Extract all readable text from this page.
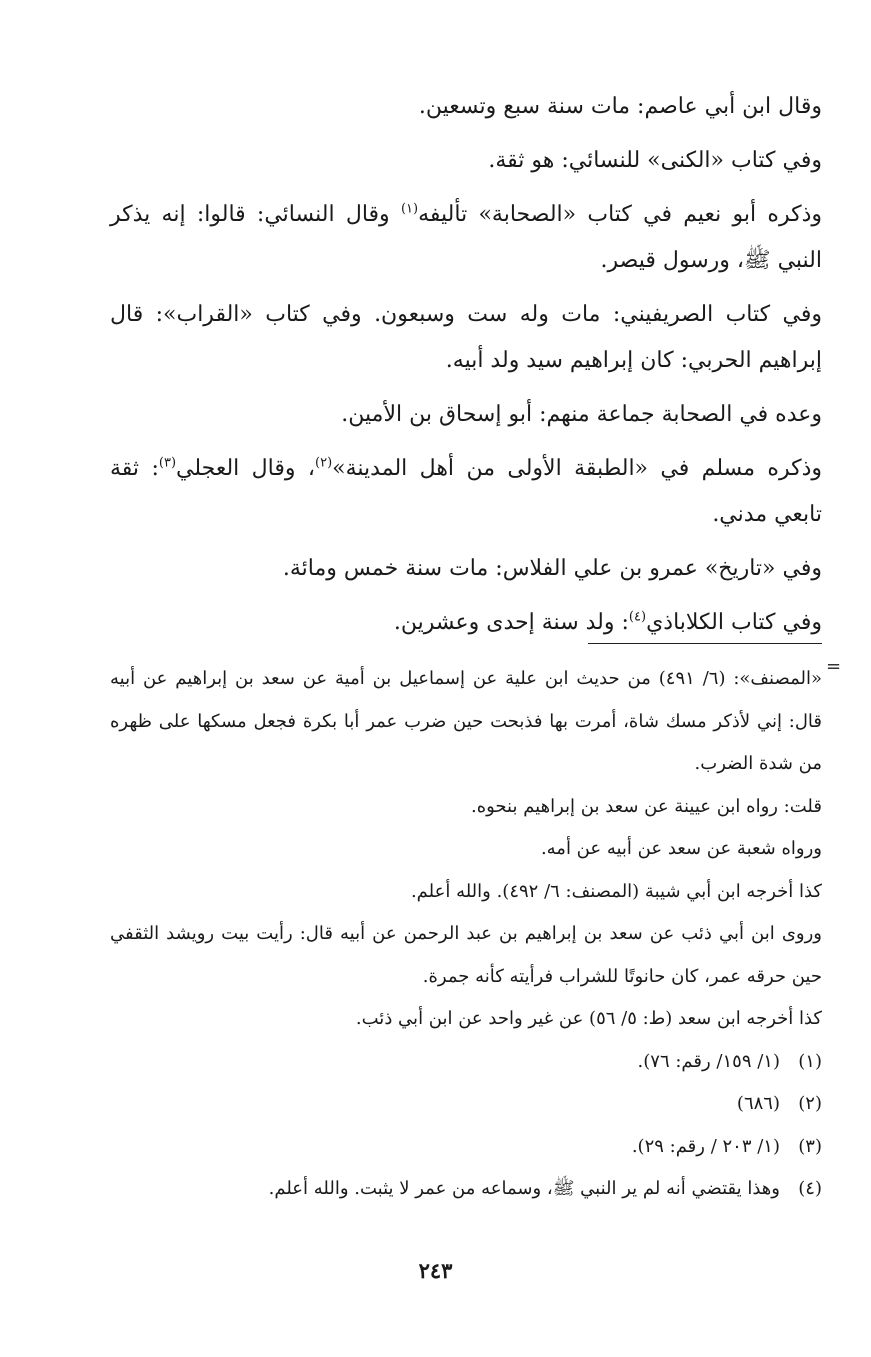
وقال ابن أبي عاصم: مات سنة سبع وتسعين.

وفي كتاب «الكنى» للنسائي: هو ثقة.

وذكره أبو نعيم في كتاب «الصحابة» تأليفه$^{(١)}$ وقال النسائي: قالوا: إنه يذكر النبي ﷺ، ورسول قيصر.

وفي كتاب الصريفيني: مات وله ست وسبعون. وفي كتاب «القراب»: قال إبراهيم الحربي: كان إبراهيم سيد ولد أبيه.

وعده في الصحابة جماعة منهم: أبو إسحاق بن الأمين.

وذكره مسلم في «الطبقة الأولى من أهل المدينة»$^{(٢)}$، وقال العجلي$^{(٣)}$: ثقة تابعي مدني.

وفي «تاريخ» عمرو بن علي الفلاس: مات سنة خمس ومائة.

وفي كتاب الكلاباذي$^{(٤)}$: ولد سنة إحدى وعشرين.

=

«المصنف»: (٦/ ٤٩١) من حديث ابن علية عن إسماعيل بن أمية عن سعد بن إبراهيم عن أبيه قال: إني لأذكر مسك شاة، أمرت بها فذبحت حين ضرب عمر أبا بكرة فجعل مسكها على ظهره من شدة الضرب.

قلت: رواه ابن عيينة عن سعد بن إبراهيم بنحوه.

ورواه شعبة عن سعد عن أبيه عن أمه.

كذا أخرجه ابن أبي شيبة (المصنف: ٦/ ٤٩٢). والله أعلم.

وروى ابن أبي ذئب عن سعد بن إبراهيم بن عبد الرحمن عن أبيه قال: رأيت بيت رويشد الثقفي حين حرقه عمر، كان حانوتًا للشراب فرأيته كأنه جمرة.

كذا أخرجه ابن سعد (ط: ٥/ ٥٦) عن غير واحد عن ابن أبي ذئب.

(١)
(١/ ١٥٩/ رقم: ٧٦).
(٢)
(٦٨٦)
(٣)
(١/ ٢٠٣ / رقم: ٢٩).
(٤)
وهذا يقتضي أنه لم ير النبي ﷺ، وسماعه من عمر لا يثبت. والله أعلم.
٢٤٣
